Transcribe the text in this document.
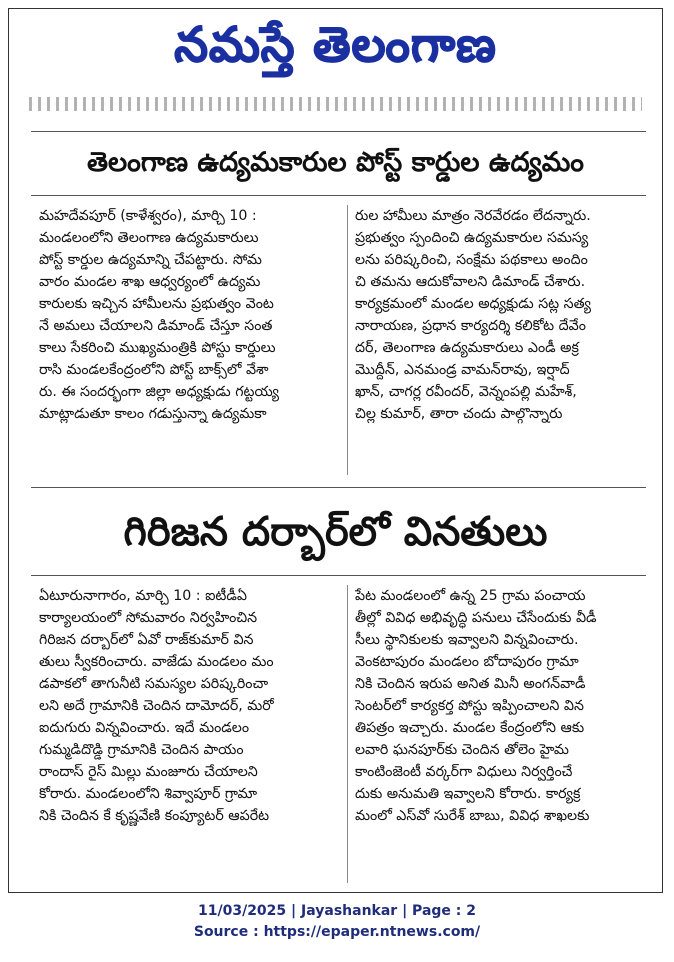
నమస్తే తెలంగాణ
తెలంగాణ ఉద్యమకారుల పోస్ట్ కార్డుల ఉద్యమం
మహదేవపూర్ (కాళేశ్వరం), మార్చి 10 :
మండలంలోని తెలంగాణ ఉద్యమకారులు
పోస్ట్ కార్డుల ఉద్యమాన్ని చేపట్టారు. సోమ
వారం మండల శాఖ ఆధ్వర్యంలో ఉద్యమ
కారులకు ఇచ్చిన హామీలను ప్రభుత్వం వెంట
నే అమలు చేయాలని డిమాండ్ చేస్తూ సంత
కాలు సేకరించి ముఖ్యమంత్రికి పోస్టు కార్డులు
రాసి మండలకేంద్రంలోని పోస్ట్ బాక్స్‌లో వేశా
రు. ఈ సందర్భంగా జిల్లా అధ్యక్షుడు గట్టయ్య
మాట్లాడుతూ కాలం గడుస్తున్నా ఉద్యమకా
రుల హామీలు మాత్రం నెరవేరడం లేదన్నారు.
ప్రభుత్వం స్పందించి ఉద్యమకారుల సమస్య
లను పరిష్కరించి, సంక్షేమ పథకాలు అందిం
చి తమను ఆదుకోవాలని డిమాండ్ చేశారు.
కార్యక్రమంలో మండల అధ్యక్షుడు సట్ల సత్య
నారాయణ, ప్రధాన కార్యదర్శి కలికోట దేవేం
దర్, తెలంగాణ ఉద్యమకారులు ఎండీ అక్ర
మొద్దీన్, ఎనమండ్ర వామన్‌రావు, ఇర్షాద్
ఖాన్, చాగర్ల రవీందర్, వెన్నంపల్లి మహేశ్,
చిల్ల కుమార్, తారా చందు పాల్గొన్నారు
గిరిజన దర్బార్‌లో వినతులు
ఏటూరునాగారం, మార్చి 10 : ఐటీడీఏ
కార్యాలయంలో సోమవారం నిర్వహించిన
గిరిజన దర్బార్‌లో ఏవో రాజ్‌కుమార్ విన
తులు స్వీకరించారు. వాజేడు మండలం మం
డపాకలో తాగునీటి సమస్యల పరిష్కరించా
లని అదే గ్రామానికి చెందిన దామోదర్, మరో
ఐదుగురు విన్నవించారు. ఇదే మండలం
గుమ్మడిదొడ్డి గ్రామానికి చెందిన పాయం
రాందాస్ రైస్ మిల్లు మంజూరు చేయాలని
కోరారు. మండలంలోని శివ్వాపూర్ గ్రామా
నికి చెందిన కే కృష్ణవేణి కంప్యూటర్ ఆపరేట
పేట మండలంలో ఉన్న 25 గ్రామ పంచాయ
తీల్లో వివిధ అభివృద్ధి పనులు చేసేందుకు వీడీ
సీలు స్థానికులకు ఇవ్వాలని విన్నవించారు.
వెంకటాపురం మండలం బోదాపురం గ్రామా
నికి చెందిన ఇరుప అనిత మినీ అంగన్‌వాడీ
సెంటర్‌లో కార్యకర్త పోస్టు ఇప్పించాలని విన
తిపత్రం ఇచ్చారు. మండల కేంద్రంలోని ఆకు
లవారి ఘనపూర్‌కు చెందిన తోలెం హైమ
కాంటింజెంటీ వర్కర్‌గా విధులు నిర్వర్తించే
దుకు అనుమతి ఇవ్వాలని కోరారు. కార్యక్ర
మంలో ఎస్‌వో సురేశ్ బాబు, వివిధ శాఖలకు
11/03/2025 | Jayashankar | Page : 2
Source : https://epaper.ntnews.com/
